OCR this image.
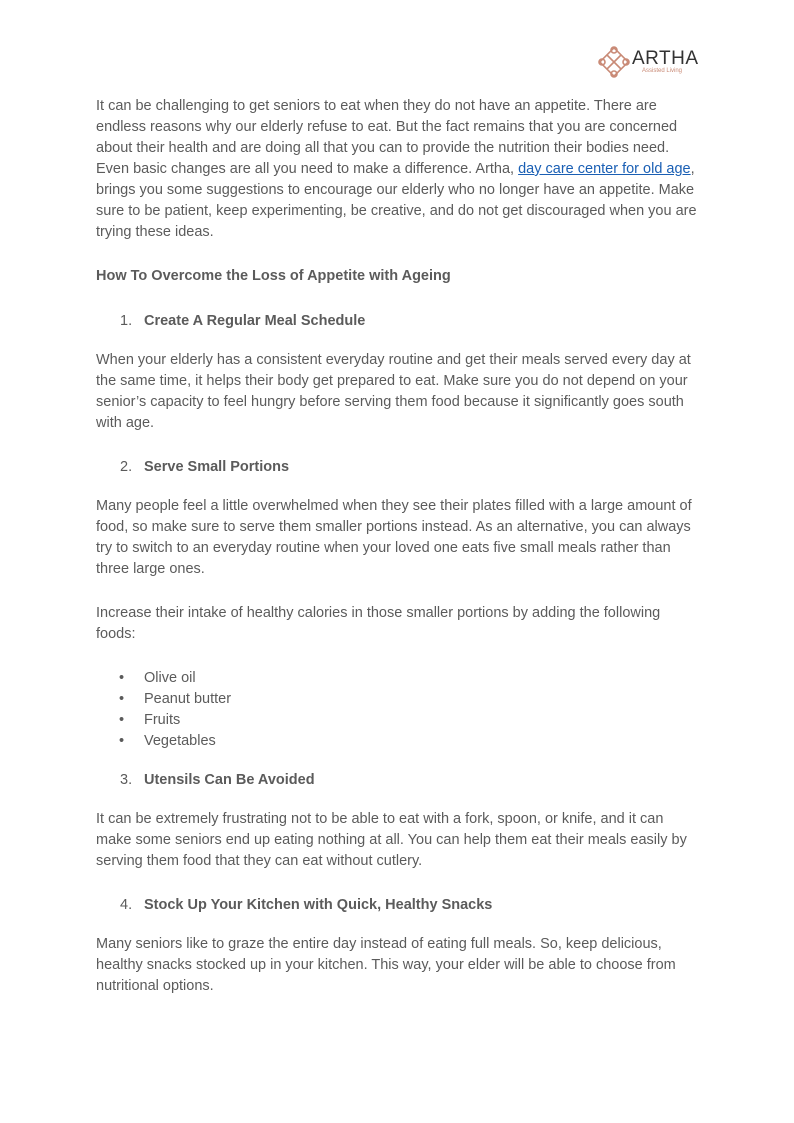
ARTHA
Assisted Living

It can be challenging to get seniors to eat when they do not have an appetite. There are endless reasons why our elderly refuse to eat. But the fact remains that you are concerned about their health and are doing all that you can to provide the nutrition their bodies need. Even basic changes are all you need to make a difference. Artha, day care center for old age, brings you some suggestions to encourage our elderly who no longer have an appetite. Make sure to be patient, keep experimenting, be creative, and do not get discouraged when you are trying these ideas.

How To Overcome the Loss of Appetite with Ageing

1. Create A Regular Meal Schedule

When your elderly has a consistent everyday routine and get their meals served every day at the same time, it helps their body get prepared to eat. Make sure you do not depend on your senior’s capacity to feel hungry before serving them food because it significantly goes south with age.

2. Serve Small Portions

Many people feel a little overwhelmed when they see their plates filled with a large amount of food, so make sure to serve them smaller portions instead. As an alternative, you can always try to switch to an everyday routine when your loved one eats five small meals rather than three large ones.

Increase their intake of healthy calories in those smaller portions by adding the following foods:

• Olive oil
• Peanut butter
• Fruits
• Vegetables

3. Utensils Can Be Avoided

It can be extremely frustrating not to be able to eat with a fork, spoon, or knife, and it can make some seniors end up eating nothing at all. You can help them eat their meals easily by serving them food that they can eat without cutlery.

4. Stock Up Your Kitchen with Quick, Healthy Snacks

Many seniors like to graze the entire day instead of eating full meals. So, keep delicious, healthy snacks stocked up in your kitchen. This way, your elder will be able to choose from nutritional options.
